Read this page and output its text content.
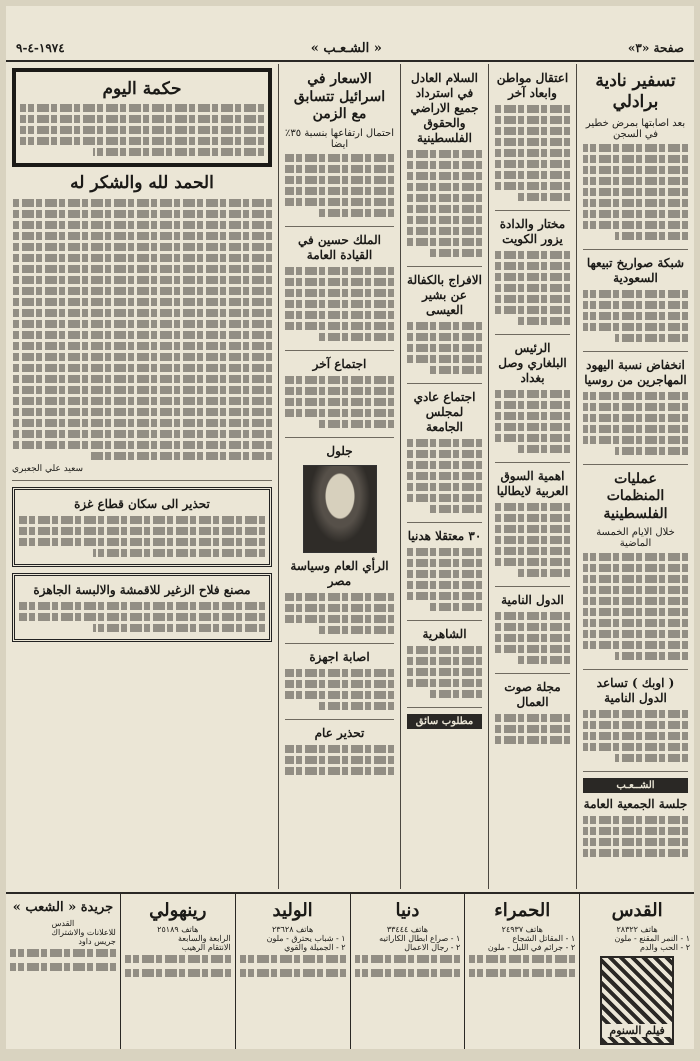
صفحة «٣»
« الشـعـب »
١٩٧٤-٤-٩
تسفير نادية برادلي
بعد اصابتها بمرض خطير في السجن
شبكة صواريخ تبيعها السعودية
انخفاض نسبة اليهود المهاجرين من روسيا
عمليات المنظمات الفلسطينية
خلال الايام الخمسة الماضية
( اوبك ) تساعد الدول النامية
الشــعـب
جلسة الجمعية العامة
اعتقال مواطن وابعاد آخر
مختار والدادة يزور الكويت
الرئيس البلغاري وصل بغداد
اهمية السوق العربية لايطاليا
الدول النامية
مجلة صوت العمال
السلام العادل في استرداد جميع الاراضي والحقوق الفلسطينية
الافراج بالكفالة عن بشير العيسى
اجتماع عادي لمجلس الجامعة
٣٠ معتقلا هدنيا
الشاهرية
مطلوب سائق
الاسعار في اسرائيل تتسابق مع الزمن
احتمال ارتفاعها بنسبة ٣٥٪ ايضا
الملك حسين في القيادة العامة
اجتماع آخر
جلول
الرأي العام وسياسة مصر
اصابة اجهزة
تحذير عام
حكمة اليوم
الحمد لله والشكر له
سعيد علي الجعبري
تحذير الى سكان قطاع غزة
مصنع فلاح الزغير للاقمشة والالبسة الجاهزة
القدس
هاتف ٢٨٣٢٢
١ - النمر المقنع - ملون
٢ - الحب والدم
فيلم السنوم
الحمراء
هاتف ٢٤٩٣٧
١ - المقاتل الشجاع
٢ - جرائم في الليل - ملون
دنيا
هاتف ٣٣٤٤٤
١ - صراع ابطال الكاراتيه
٢ - رجال الاعمال
الوليد
هاتف ٢٣٦٢٨
١ - شباب يحترق - ملون
٢ - الجميلة والقوي
رينهولي
هاتف ٢٥١٨٩
الرابعة والسابعة
الانتقام الرهيب
جريدة « الشعب »
القدس
للاعلانات والاشتراك
جريس داود
